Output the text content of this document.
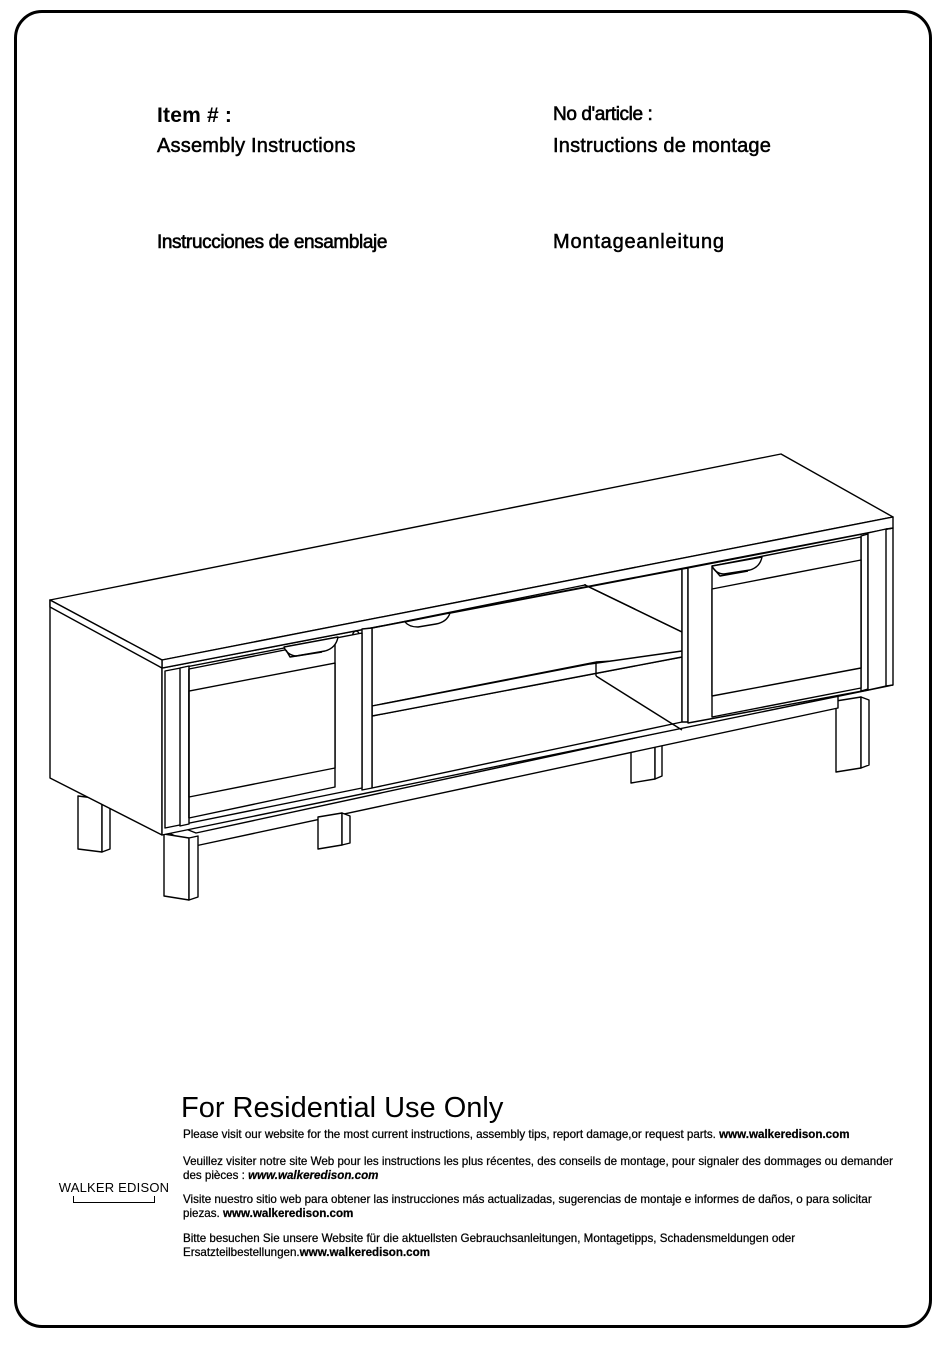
Item # :	No d'article :
Assembly Instructions	Instructions de montage
Instrucciones de ensamblaje	Montageanleitung
For Residential Use Only
Please visit our website for the most current instructions, assembly tips, report damage,or request parts. www.walkeredison.com
Veuillez visiter notre site Web pour les instructions les plus récentes, des conseils de montage, pour signaler des dommages ou demander des pièces : www.walkeredison.com
Visite nuestro sitio web para obtener las instrucciones más actualizadas, sugerencias de montaje e informes de daños, o para solicitar piezas. www.walkeredison.com
Bitte besuchen Sie unsere Website für die aktuellsten Gebrauchsanleitungen, Montagetipps, Schadensmeldungen oder Ersatzteilbestellungen.www.walkeredison.com
WALKER EDISON
